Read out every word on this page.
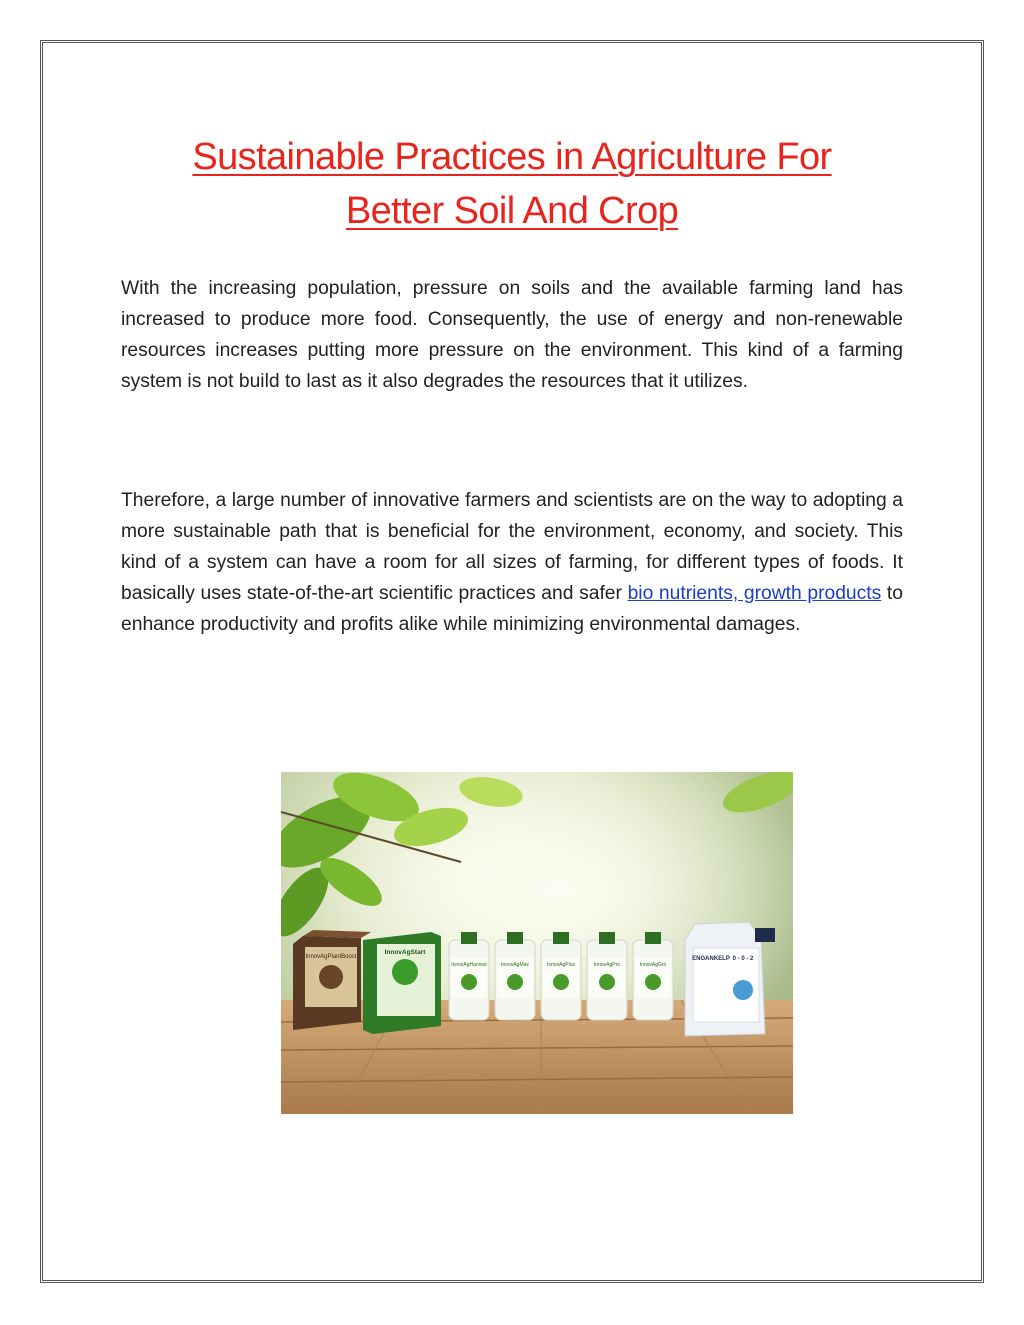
Sustainable Practices in Agriculture For
Better Soil And Crop

With the increasing population, pressure on soils and the available farming land has increased to produce more food. Consequently, the use of energy and non-renewable resources increases putting more pressure on the environment. This kind of a farming system is not build to last as it also degrades the resources that it utilizes.

Therefore, a large number of innovative farmers and scientists are on the way to adopting a more sustainable path that is beneficial for the environment, economy, and society. This kind of a system can have a room for all sizes of farming, for different types of foods. It basically uses state-of-the-art scientific practices and safer bio nutrients, growth products to enhance productivity and profits alike while minimizing environmental damages.

InnovAgPlantBoost
InnovAgStart
InnovAgHarvest	InnovAgMax	InnovAgPlus	InnovAgPro	InnovAgGro
ENGANKELP 0 - 0 - 2
